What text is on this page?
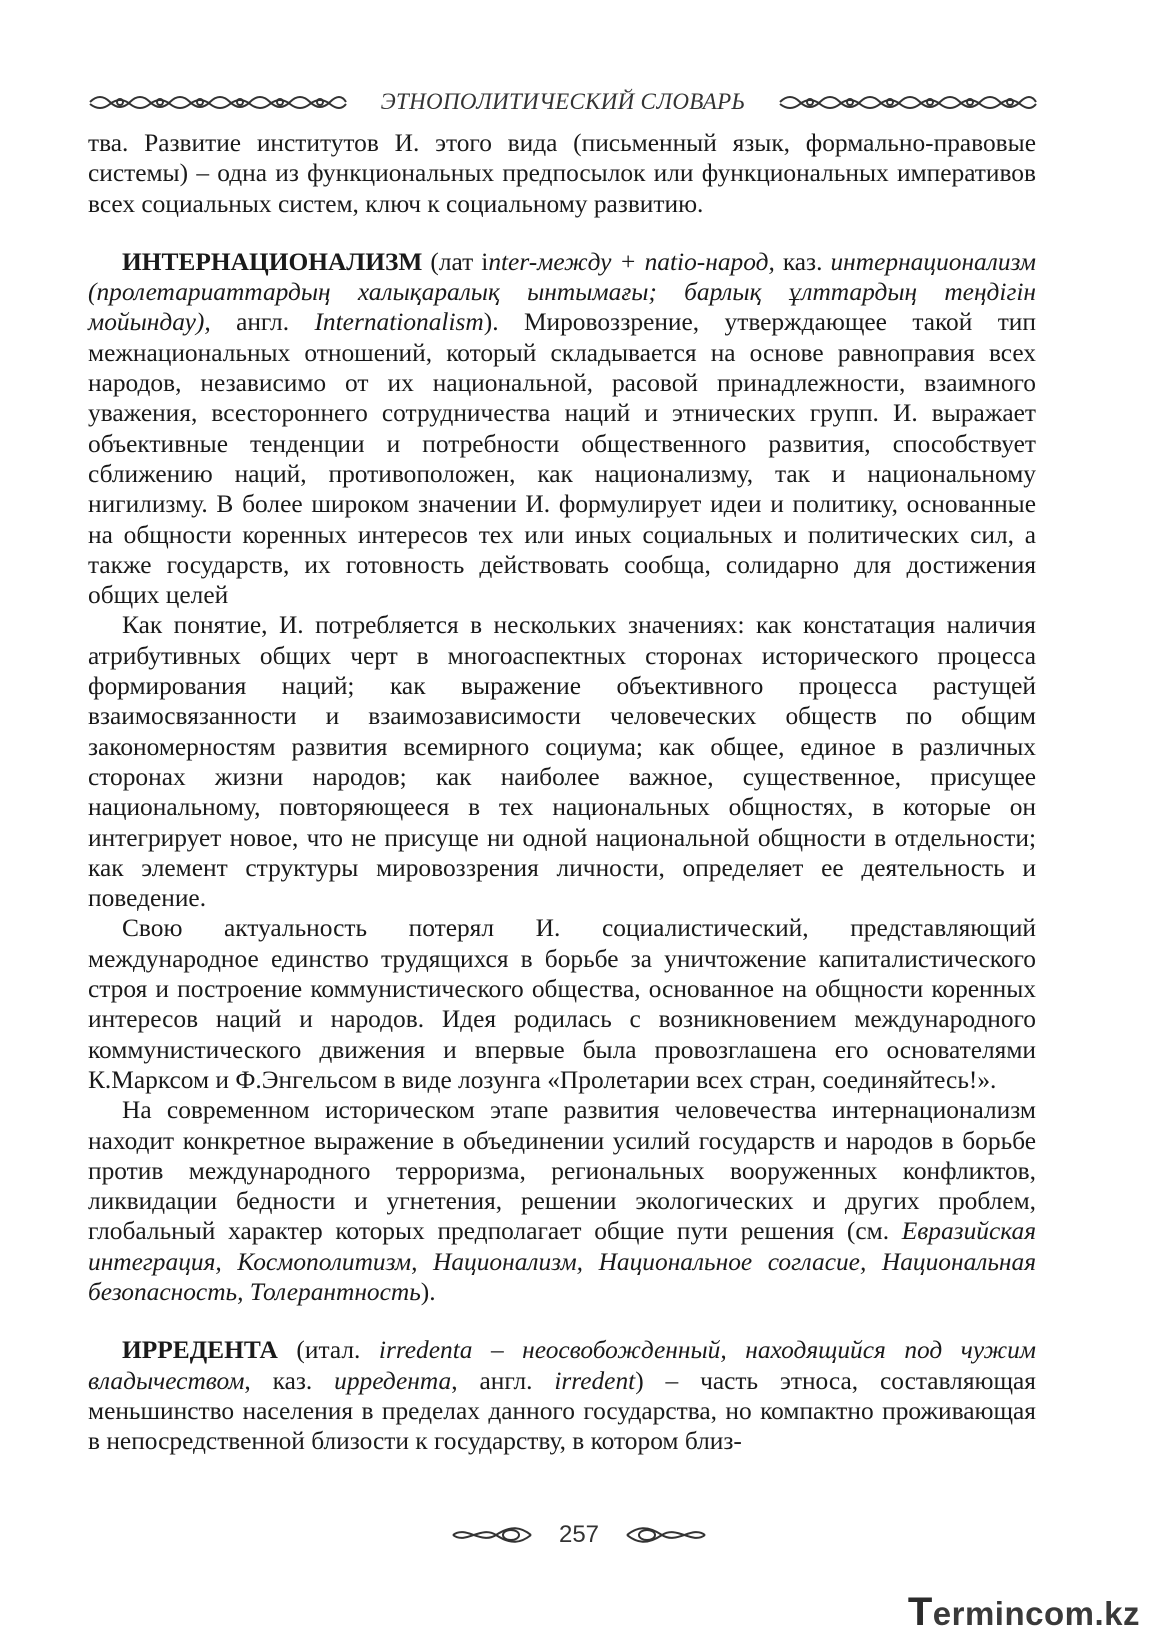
ЭТНОПОЛИТИЧЕСКИЙ СЛОВАРЬ

тва. Развитие институтов И. этого вида (письменный язык, формально-правовые системы) – одна из функциональных предпосылок или функциональных императивов всех социальных систем, ключ к социальному развитию.

ИНТЕРНАЦИОНАЛИЗМ (лат іnter-между + natio-народ, каз. интернационализм (пролетариаттардың халықаралық ынтымағы; барлық ұлттардың теңдігін мойындау), англ. Internationalism). Мировоззрение, утверждающее такой тип межнациональных отношений, который складывается на основе равноправия всех народов, независимо от их национальной, расовой принадлежности, взаимного уважения, всестороннего сотрудничества наций и этнических групп. И. выражает объективные тенденции и потребности общественного развития, способствует сближению наций, противоположен, как национализму, так и национальному нигилизму. В более широком значении И. формулирует идеи и политику, основанные на общности коренных интересов тех или иных социальных и политических сил, а также государств, их готовность действовать сообща, солидарно для достижения общих целей

Как понятие, И. потребляется в нескольких значениях: как констатация наличия атрибутивных общих черт в многоаспектных сторонах исторического процесса формирования наций; как выражение объективного процесса растущей взаимосвязанности и взаимозависимости человеческих обществ по общим закономерностям развития всемирного социума; как общее, единое в различных сторонах жизни народов; как наиболее важное, существенное, присущее национальному, повторяющееся в тех национальных общностях, в которые он интегрирует новое, что не присуще ни одной национальной общности в отдельности; как элемент структуры мировоззрения личности, определяет ее деятельность и поведение.

Свою актуальность потерял И. социалистический, представляющий международное единство трудящихся в борьбе за уничтожение капиталистического строя и построение коммунистического общества, основанное на общности коренных интересов наций и народов. Идея родилась с возникновением международного коммунистического движения и впервые была провозглашена его основателями К.Марксом и Ф.Энгельсом в виде лозунга «Пролетарии всех стран, соединяйтесь!».

На современном историческом этапе развития человечества интернационализм находит конкретное выражение в объединении усилий государств и народов в борьбе против международного терроризма, региональных вооруженных конфликтов, ликвидации бедности и угнетения, решении экологических и других проблем, глобальный характер которых предполагает общие пути решения (см. Евразийская интеграция, Космополитизм, Национализм, Национальное согласие, Национальная безопасность, Толерантность).

ИРРЕДЕНТА (итал. irredenta – неосвобожденный, находящийся под чужим владычеством, каз. ирредента, англ. irredent) – часть этноса, составляющая меньшинство населения в пределах данного государства, но компактно проживающая в непосредственной близости к государству, в котором близ-

257
Termincom.kz
